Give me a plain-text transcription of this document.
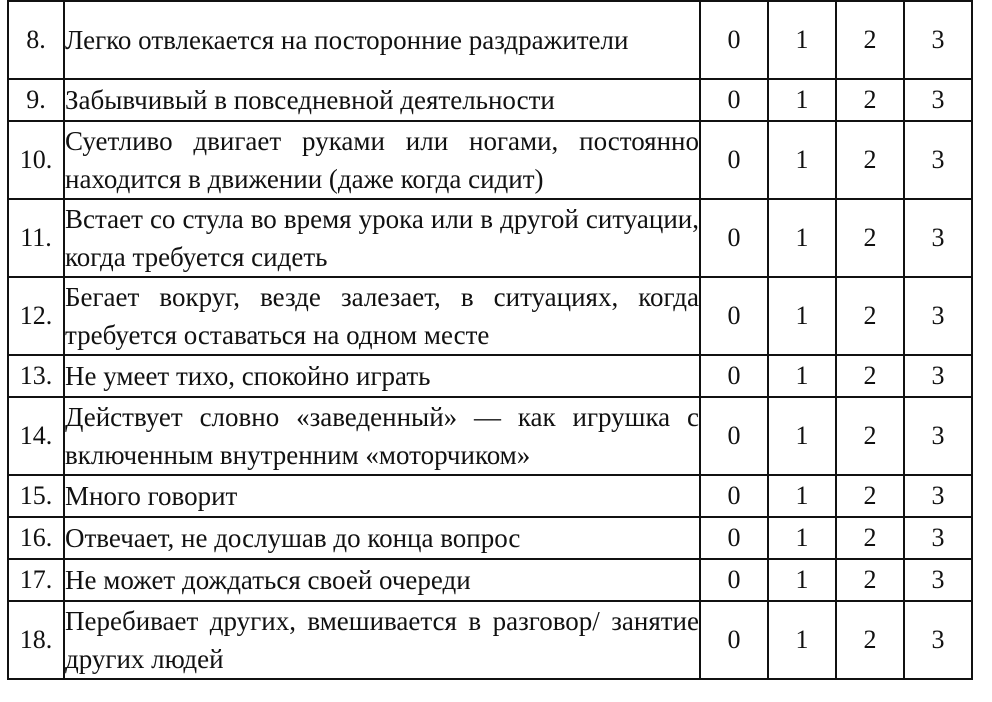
8.	Легко отвлекается на посторонние раздражители	0	1	2	3
9.	Забывчивый в повседневной деятельности	0	1	2	3
10.	Суетливо двигает руками или ногами, постоянно находится в движении (даже когда сидит)	0	1	2	3
11.	Встает со стула во время урока или в другой ситуации, когда требуется сидеть	0	1	2	3
12.	Бегает вокруг, везде залезает, в ситуациях, когда требуется оставаться на одном месте	0	1	2	3
13.	Не умеет тихо, спокойно играть	0	1	2	3
14.	Действует словно «заведенный» — как игрушка с включенным внутренним «моторчиком»	0	1	2	3
15.	Много говорит	0	1	2	3
16.	Отвечает, не дослушав до конца вопрос	0	1	2	3
17.	Не может дождаться своей очереди	0	1	2	3
18.	Перебивает других, вмешивается в разговор/ занятие других людей	0	1	2	3
